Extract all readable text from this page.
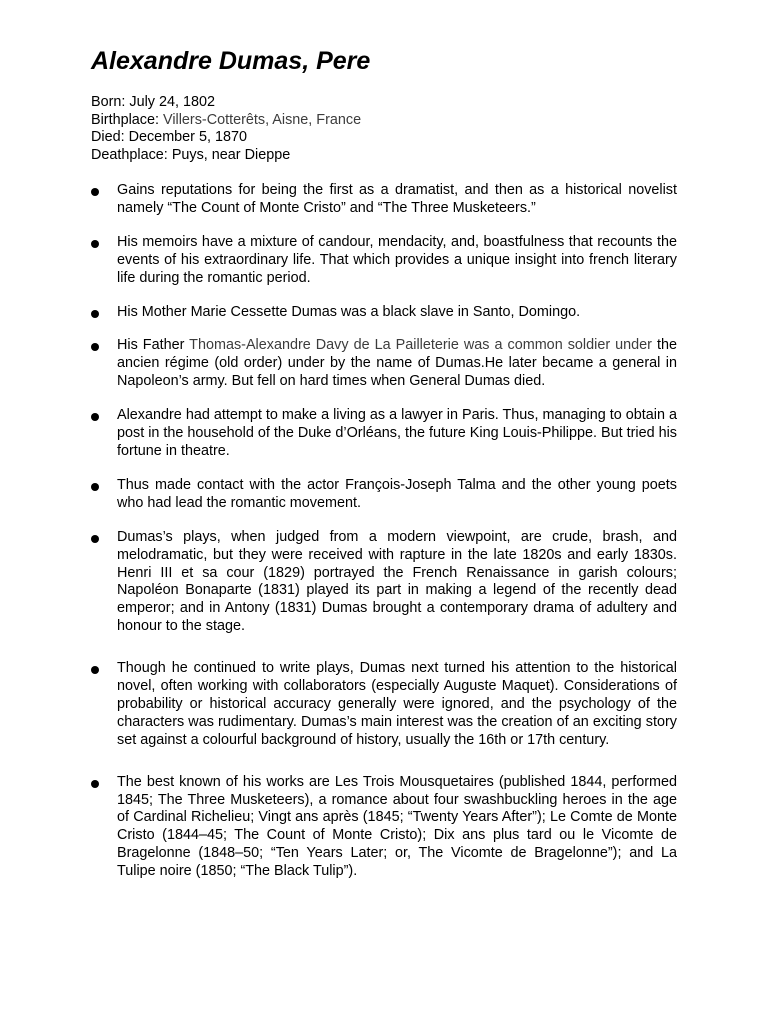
Alexandre Dumas, Pere
Born: July 24, 1802
Birthplace: Villers-Cotterêts, Aisne, France
Died: December 5, 1870
Deathplace: Puys, near Dieppe
Gains reputations for being the first as a dramatist, and then as a historical novelist namely “The Count of Monte Cristo” and “The Three Musketeers.”
His memoirs have a mixture of candour, mendacity, and, boastfulness that recounts the events of his extraordinary life. That which provides a unique insight into french literary life during the romantic period.
His Mother Marie Cessette Dumas was a black slave in Santo, Domingo.
His Father Thomas-Alexandre Davy de La Pailleterie was a common soldier under the ancien régime (old order) under by the name of Dumas.He later became a general in Napoleon’s army. But fell on hard times when General Dumas died.
Alexandre had attempt to make a living as a lawyer in Paris. Thus, managing to obtain a post in the household of the Duke d’Orléans, the future King Louis-Philippe. But tried his fortune in theatre.
Thus made contact with the actor François-Joseph Talma and the other young poets who had lead the romantic movement.
Dumas’s plays, when judged from a modern viewpoint, are crude, brash, and melodramatic, but they were received with rapture in the late 1820s and early 1830s. Henri III et sa cour (1829) portrayed the French Renaissance in garish colours; Napoléon Bonaparte (1831) played its part in making a legend of the recently dead emperor; and in Antony (1831) Dumas brought a contemporary drama of adultery and honour to the stage.
Though he continued to write plays, Dumas next turned his attention to the historical novel, often working with collaborators (especially Auguste Maquet). Considerations of probability or historical accuracy generally were ignored, and the psychology of the characters was rudimentary. Dumas’s main interest was the creation of an exciting story set against a colourful background of history, usually the 16th or 17th century.
The best known of his works are Les Trois Mousquetaires (published 1844, performed 1845; The Three Musketeers), a romance about four swashbuckling heroes in the age of Cardinal Richelieu; Vingt ans après (1845; “Twenty Years After”); Le Comte de Monte Cristo (1844–45; The Count of Monte Cristo); Dix ans plus tard ou le Vicomte de Bragelonne (1848–50; “Ten Years Later; or, The Vicomte de Bragelonne”); and La Tulipe noire (1850; “The Black Tulip”).
